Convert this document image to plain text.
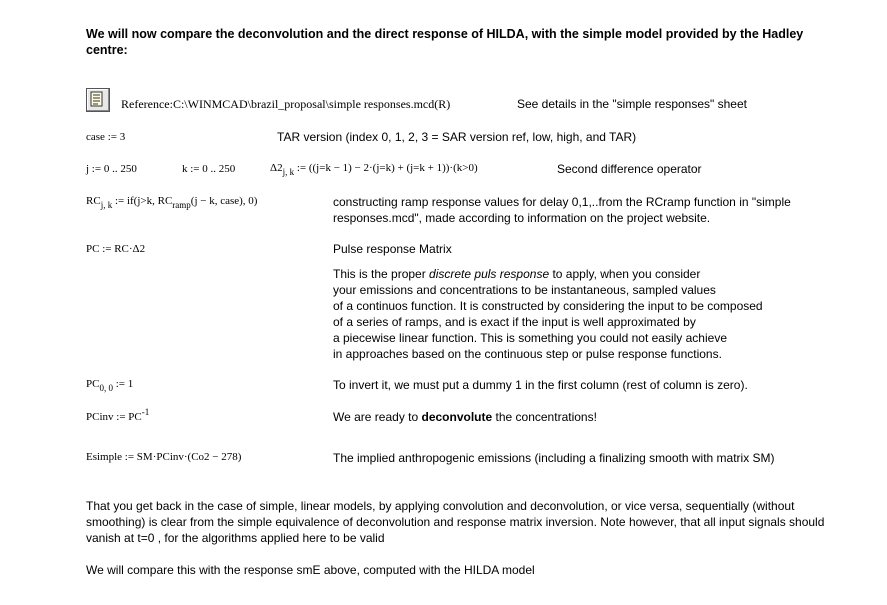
We will now compare the deconvolution and the direct response of HILDA, with the simple model provided by the Hadley centre:
Reference:C:\WINMCAD\brazil_proposal\simple responses.mcd(R)	See details in the "simple responses" sheet
case := 3	TAR version (index 0, 1, 2, 3 = SAR version ref, low, high, and TAR)
j := 0 .. 250	k := 0 .. 250	$\Delta 2_{j, k}$ := ((j=k − 1) − 2·(j=k) + (j=k + 1))·(k>0)	Second difference operator
$RC_{j, k}$ := if(j>k, $RC_{ramp}(j - k$, case), 0)	constructing ramp response values for delay 0,1,..from the RCramp function in "simple responses.mcd", made according to information on the project website.
PC := RC·Δ2	Pulse response Matrix
This is the proper discrete puls response to apply, when you consider
your emissions and concentrations to be instantaneous, sampled values
of a continuos function. It is constructed by considering the input to be composed
of a series of ramps, and is exact if the input is well approximated by
a piecewise linear function. This is something you could not easily achieve
in approaches based on the continuous step or pulse response functions.
$PC_{0, 0}$ := 1	To invert it, we must put a dummy 1 in the first column (rest of column is zero).
PCinv := $PC^{-1}$	We are ready to deconvolute the concentrations!
Esimple := SM·PCinv·(Co2 − 278)	The implied anthropogenic emissions (including a finalizing smooth with matrix SM)
That you get back in the case of simple, linear models, by applying convolution and deconvolution, or vice versa, sequentially (without smoothing) is clear from the simple equivalence of deconvolution and response matrix inversion. Note however, that all input signals should vanish at t=0 , for the algorithms applied here to be valid
We will compare this with the response smE above, computed with the HILDA model
